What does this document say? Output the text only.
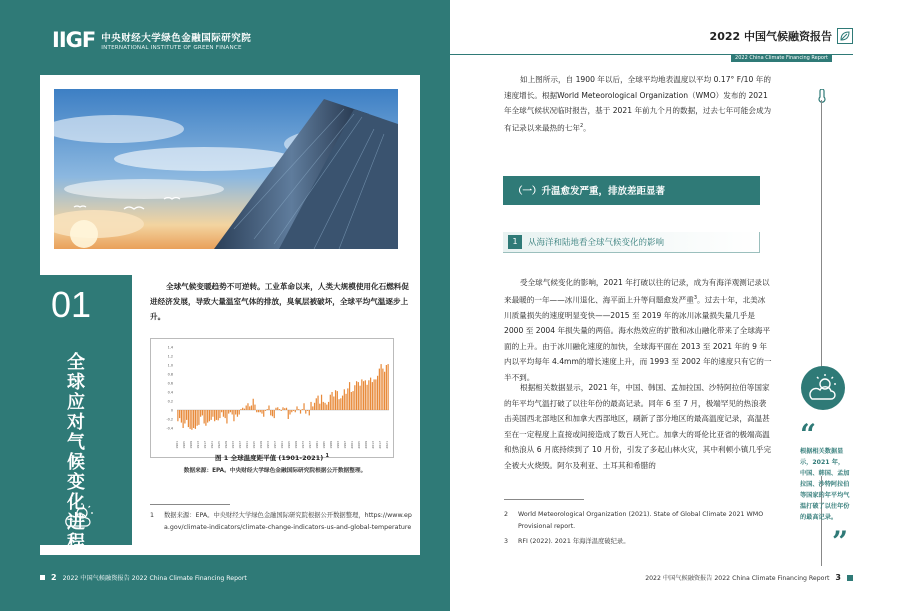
IIGF 中央财经大学绿色金融国际研究院
INTERNATIONAL INSTITUTE OF GREEN FINANCE
01
全球应对气候变化进程
全球气候变暖趋势不可逆转。工业革命以来，人类大规模使用化石燃料促进经济发展，导致大量温室气体的排放，臭氧层被破坏，全球平均气温逐步上升。
1.4
1.2
1.0
0.8
0.6
0.4
0.2
0
-0.2
-0.4
1901 1905 1909 1913 1917 1921 1925 1929 1933 1937 1941 1945 1949 1953 1957 1961 1965 1969 1973 1977 1981 1985 1989 1993 1997 2001 2005 2009 2013 2017 2021
图 1 全球温度距平值 (1901-2021) $^1$
数据来源：EPA。中央财经大学绿色金融国际研究院根据公开数据整理。
1	数据来源：EPA。中央财经大学绿色金融国际研究院根据公开数据整理，https://www.epa.gov/climate-indicators/climate-change-indicators-us-and-global-temperature
2 2022 中国气候融资报告 2022 China Climate Financing Report
2022 中国气候融资报告
2022 China Climate Financing Report
如上图所示，自 1900 年以后，全球平均地表温度以平均 0.17° F/10 年的速度增长。根据World Meteorological Organization（WMO）发布的 2021 年全球气候状况临时报告，基于 2021 年前九个月的数据，过去七年可能会成为有记录以来最热的七年$^2$。
（一）升温愈发严重，排放差距显著
1	从海洋和陆地看全球气候变化的影响
受全球气候变化的影响，2021 年打破以往的记录，成为有海洋观测记录以来最暖的一年——冰川退化、海平面上升等问题愈发严重$^3$。过去十年，北美冰川质量损失的速度明显变快——2015 至 2019 年的冰川冰量损失量几乎是 2000 至 2004 年损失量的两倍。海水热效应的扩散和冰山融化带来了全球海平面的上升。由于冰川融化速度的加快，全球海平面在 2013 至 2021 年的 9 年内以平均每年 4.4mm的增长速度上升，而 1993 至 2002 年的速度只有它的一半不到。
根据相关数据显示，2021 年，中国、韩国、孟加拉国、沙特阿拉伯等国家的年平均气温打破了以往年份的最高记录。同年 6 至 7 月，极端罕见的热浪袭击美国西北部地区和加拿大西部地区，刷新了部分地区的最高温度记录，高温甚至在一定程度上直接或间接造成了数百人死亡。加拿大的哥伦比亚省的极端高温和热浪从 6 月底持续到了 10 月份，引发了多起山林火灾，其中利顿小镇几乎完全被大火烧毁。阿尔及利亚、土耳其和希腊的
2	World Meteorological Organization (2021). State of Global Climate 2021 WMO Provisional report.
3	RFI (2022). 2021 年海洋温度破纪录。
“
根据相关数据显示，2021 年，中国、韩国、孟加拉国、沙特阿拉伯等国家的年平均气温打破了以往年份的最高记录。
”
2022 中国气候融资报告 2022 China Climate Financing Report 3
